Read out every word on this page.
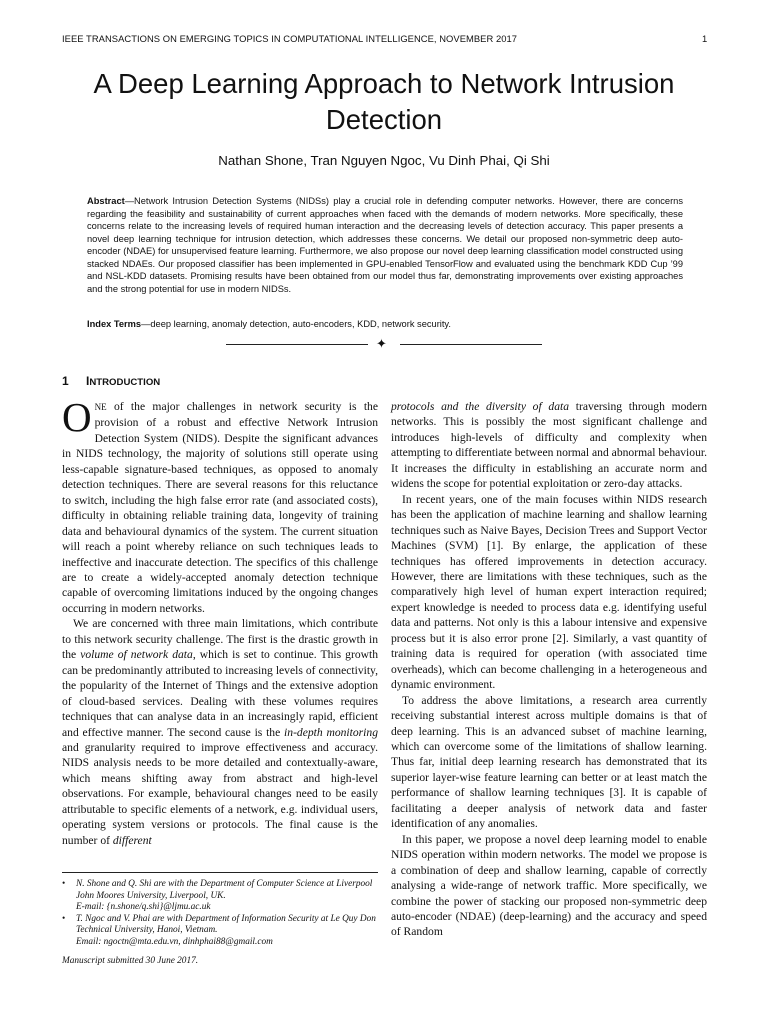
IEEE TRANSACTIONS ON EMERGING TOPICS IN COMPUTATIONAL INTELLIGENCE, NOVEMBER 2017	1
A Deep Learning Approach to Network Intrusion Detection
Nathan Shone, Tran Nguyen Ngoc, Vu Dinh Phai, Qi Shi

Abstract—Network Intrusion Detection Systems (NIDSs) play a crucial role in defending computer networks. However, there are concerns regarding the feasibility and sustainability of current approaches when faced with the demands of modern networks. More specifically, these concerns relate to the increasing levels of required human interaction and the decreasing levels of detection accuracy. This paper presents a novel deep learning technique for intrusion detection, which addresses these concerns. We detail our proposed non-symmetric deep auto-encoder (NDAE) for unsupervised feature learning. Furthermore, we also propose our novel deep learning classification model constructed using stacked NDAEs. Our proposed classifier has been implemented in GPU-enabled TensorFlow and evaluated using the benchmark KDD Cup ’99 and NSL-KDD datasets. Promising results have been obtained from our model thus far, demonstrating improvements over existing approaches and the strong potential for use in modern NIDSs.

Index Terms—deep learning, anomaly detection, auto-encoders, KDD, network security.

✦
1 INTRODUCTION

ONE of the major challenges in network security is the provision of a robust and effective Network Intrusion Detection System (NIDS). Despite the significant advances in NIDS technology, the majority of solutions still operate using less-capable signature-based techniques, as opposed to anomaly detection techniques. There are several reasons for this reluctance to switch, including the high false error rate (and associated costs), difficulty in obtaining reliable training data, longevity of training data and behavioural dynamics of the system. The current situation will reach a point whereby reliance on such techniques leads to ineffective and inaccurate detection. The specifics of this challenge are to create a widely-accepted anomaly detection technique capable of overcoming limitations induced by the ongoing changes occurring in modern networks.

We are concerned with three main limitations, which contribute to this network security challenge. The first is the drastic growth in the volume of network data, which is set to continue. This growth can be predominantly attributed to increasing levels of connectivity, the popularity of the Internet of Things and the extensive adoption of cloud-based services. Dealing with these volumes requires techniques that can analyse data in an increasingly rapid, efficient and effective manner. The second cause is the in-depth monitoring and granularity required to improve effectiveness and accuracy. NIDS analysis needs to be more detailed and contextually-aware, which means shifting away from abstract and high-level observations. For example, behavioural changes need to be easily attributable to specific elements of a network, e.g. individual users, operating system versions or protocols. The final cause is the number of different

• N. Shone and Q. Shi are with the Department of Computer Science at Liverpool John Moores University, Liverpool, UK.
E-mail: {n.shone/q.shi}@ljmu.ac.uk

• T. Ngoc and V. Phai are with Department of Information Security at Le Quy Don Technical University, Hanoi, Vietnam.
Email: ngoctn@mta.edu.vn, dinhphai88@gmail.com

Manuscript submitted 30 June 2017.

protocols and the diversity of data traversing through modern networks. This is possibly the most significant challenge and introduces high-levels of difficulty and complexity when attempting to differentiate between normal and abnormal behaviour. It increases the difficulty in establishing an accurate norm and widens the scope for potential exploitation or zero-day attacks.

In recent years, one of the main focuses within NIDS research has been the application of machine learning and shallow learning techniques such as Naive Bayes, Decision Trees and Support Vector Machines (SVM) [1]. By enlarge, the application of these techniques has offered improvements in detection accuracy. However, there are limitations with these techniques, such as the comparatively high level of human expert interaction required; expert knowledge is needed to process data e.g. identifying useful data and patterns. Not only is this a labour intensive and expensive process but it is also error prone [2]. Similarly, a vast quantity of training data is required for operation (with associated time overheads), which can become challenging in a heterogeneous and dynamic environment.

To address the above limitations, a research area currently receiving substantial interest across multiple domains is that of deep learning. This is an advanced subset of machine learning, which can overcome some of the limitations of shallow learning. Thus far, initial deep learning research has demonstrated that its superior layer-wise feature learning can better or at least match the performance of shallow learning techniques [3]. It is capable of facilitating a deeper analysis of network data and faster identification of any anomalies.

In this paper, we propose a novel deep learning model to enable NIDS operation within modern networks. The model we propose is a combination of deep and shallow learning, capable of correctly analysing a wide-range of network traffic. More specifically, we combine the power of stacking our proposed non-symmetric deep auto-encoder (NDAE) (deep-learning) and the accuracy and speed of Random
